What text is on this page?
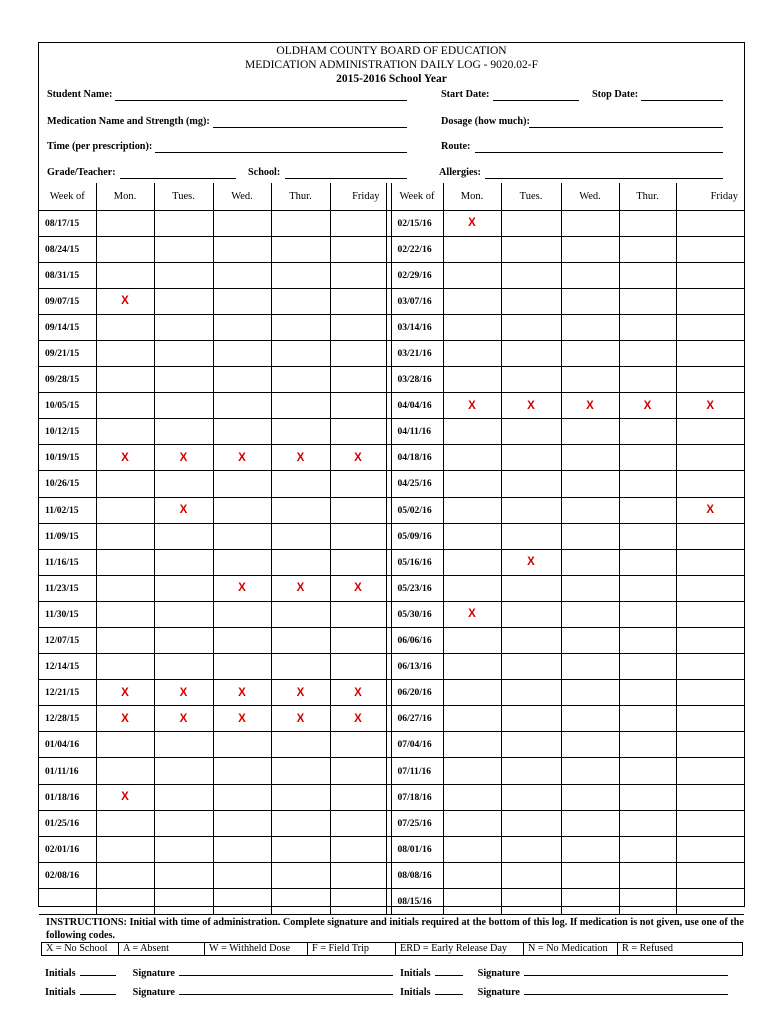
OLDHAM COUNTY BOARD OF EDUCATION
MEDICATION ADMINISTRATION DAILY LOG - 9020.02-F
2015-2016 School Year
Student Name:	Start Date:	Stop Date:
Medication Name and Strength (mg):	Dosage (how much):
Time (per prescription):	Route:
Grade/Teacher:	School:	Allergies:
Week of	Mon.	Tues.	Wed.	Thur.	Friday		Week of	Mon.	Tues.	Wed.	Thur.	Friday
08/17/15							02/15/16	X				

08/24/15							02/22/16					
08/31/15							02/29/16					
09/07/15	X						03/07/16					
09/14/15							03/14/16					
09/21/15							03/21/16					
09/28/15							03/28/16					
10/05/15							04/04/16	X	X	X	X	X

10/12/15							04/11/16					
10/19/15	X	X	X	X	X		04/18/16					
10/26/15							04/25/16					
11/02/15		X					05/02/16					X

11/09/15							05/09/16					
11/16/15							05/16/16		X			

11/23/15			X	X	X		05/23/16					
11/30/15							05/30/16	X				

12/07/15							06/06/16					
12/14/15							06/13/16					
12/21/15	X	X	X	X	X		06/20/16					
12/28/15	X	X	X	X	X		06/27/16					
01/04/16							07/04/16					
01/11/16							07/11/16					
01/18/16	X						07/18/16					
01/25/16							07/25/16					
02/01/16							08/01/16					
02/08/16							08/08/16					
							08/15/16					
INSTRUCTIONS: Initial with time of administration. Complete signature and initials required at the bottom of this log. If medication is not given, use one of the following codes.
X = No School	A = Absent	W = Withheld Dose	F = Field Trip	ERD = Early Release Day	N = No Medication	R = Refused
Initials	Signature	Initials	Signature
Initials	Signature	Initials	Signature
